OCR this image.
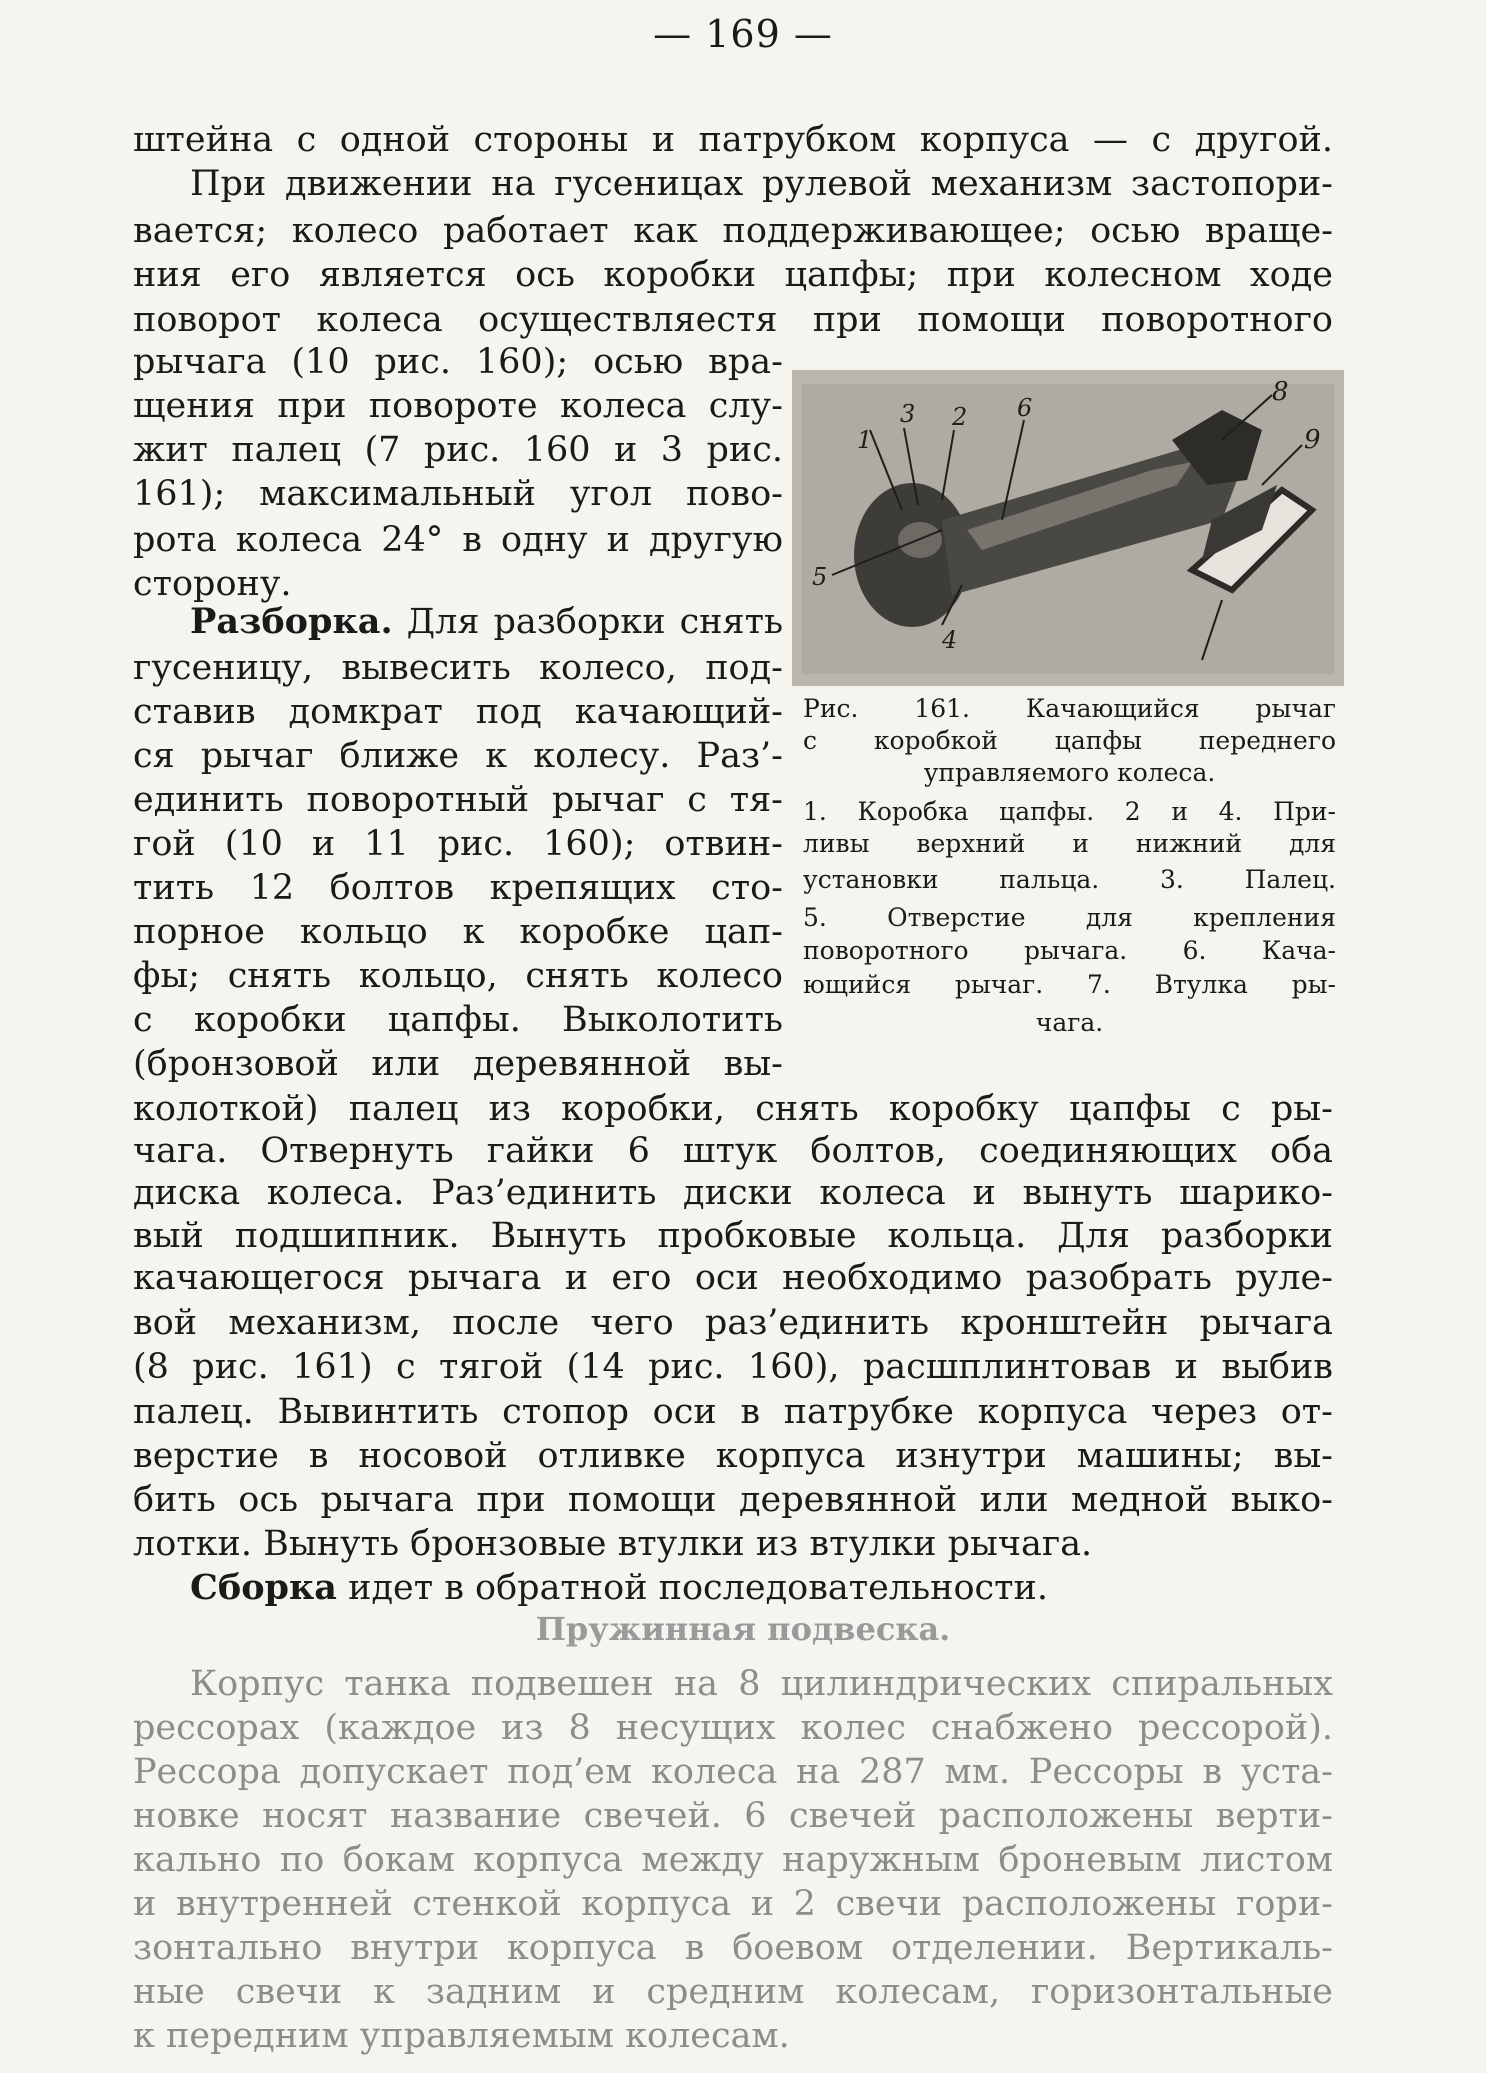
— 169 —
штейна с одной стороны и патрубком корпуса — с другой.
При движении на гусеницах рулевой механизм застопори-
вается; колесо работает как поддерживающее; осью враще-
ния его является ось коробки цапфы; при колесном ходе
поворот колеса осуществляестя при помощи поворотного
рычага (10 рис. 160); осью вра-
щения при повороте колеса слу-
жит палец (7 рис. 160 и 3 рис.
161); максимальный угол пово-
рота колеса 24° в одну и другую
сторону.
Разборка. Для разборки снять
гусеницу, вывесить колесо, под-
ставив домкрат под качающий-
ся рычаг ближе к колесу. Раз’-
единить поворотный рычаг с тя-
гой (10 и 11 рис. 160); отвин-
тить 12 болтов крепящих сто-
порное кольцо к коробке цап-
фы; снять кольцо, снять колесо
с коробки цапфы. Выколотить
(бронзовой или деревянной вы-
1
2
3
4
5
6
8
9
Рис. 161. Качающийся рычаг
с коробкой цапфы переднего
управляемого колеса.
1. Коробка цапфы. 2 и 4. При-
ливы верхний и нижний для
установки пальца. 3. Палец.
5. Отверстие для крепления
поворотного рычага. 6. Кача-
ющийся рычаг. 7. Втулка ры-
чага.
колоткой) палец из коробки, снять коробку цапфы с ры-
чага. Отвернуть гайки 6 штук болтов, соединяющих оба
диска колеса. Раз’единить диски колеса и вынуть шарико-
вый подшипник. Вынуть пробковые кольца. Для разборки
качающегося рычага и его оси необходимо разобрать руле-
вой механизм, после чего раз’единить кронштейн рычага
(8 рис. 161) с тягой (14 рис. 160), расшплинтовав и выбив
палец. Вывинтить стопор оси в патрубке корпуса через от-
верстие в носовой отливке корпуса изнутри машины; вы-
бить ось рычага при помощи деревянной или медной выко-
лотки. Вынуть бронзовые втулки из втулки рычага.
Сборка идет в обратной последовательности.
Пружинная подвеска.
Корпус танка подвешен на 8 цилиндрических спиральных
рессорах (каждое из 8 несущих колес снабжено рессорой).
Рессора допускает под’ем колеса на 287 мм. Рессоры в уста-
новке носят название свечей. 6 свечей расположены верти-
кально по бокам корпуса между наружным броневым листом
и внутренней стенкой корпуса и 2 свечи расположены гори-
зонтально внутри корпуса в боевом отделении. Вертикаль-
ные свечи к задним и средним колесам, горизонтальные
к передним управляемым колесам.
